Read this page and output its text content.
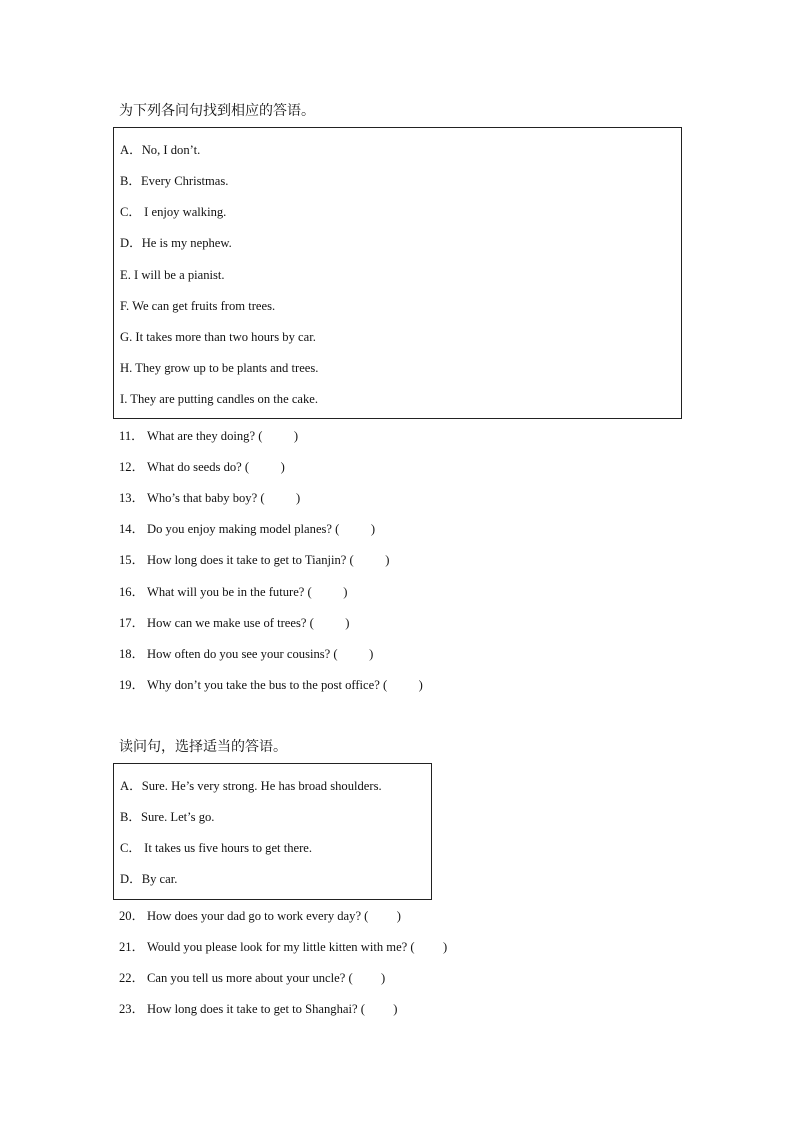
为下列各问句找到相应的答语。
A．No, I don’t.
B．Every Christmas.
C． I enjoy walking.
D．He is my nephew.
E. I will be a pianist.
F. We can get fruits from trees.
G. It takes more than two hours by car.
H. They grow up to be plants and trees.
I. They are putting candles on the cake.
11． What are they doing? ( )
12． What do seeds do? ( )
13． Who’s that baby boy? ( )
14． Do you enjoy making model planes? ( )
15． How long does it take to get to Tianjin? ( )
16． What will you be in the future? ( )
17． How can we make use of trees? ( )
18． How often do you see your cousins? ( )
19． Why don’t you take the bus to the post office? ( )
读问句，选择适当的答语。
A．Sure. He’s very strong. He has broad shoulders.
B．Sure. Let’s go.
C． It takes us five hours to get there.
D．By car.
20． How does your dad go to work every day? ( )
21． Would you please look for my little kitten with me? ( )
22． Can you tell us more about your uncle? ( )
23． How long does it take to get to Shanghai? ( )
